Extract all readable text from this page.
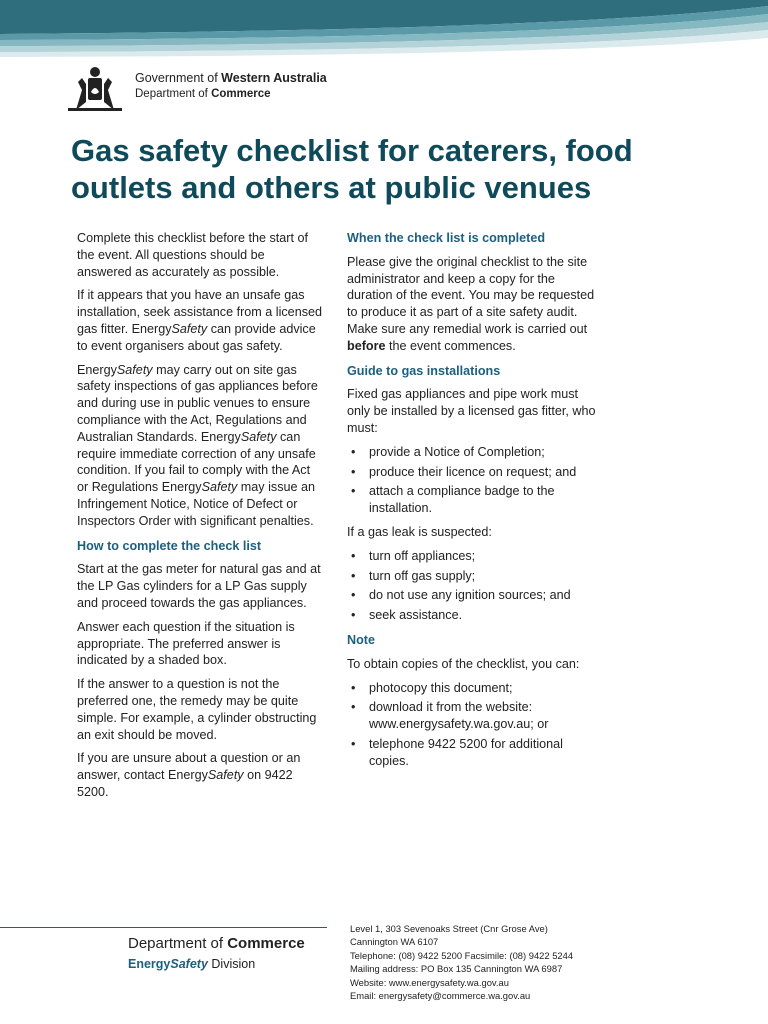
Government of Western Australia
Department of Commerce
Gas safety checklist for caterers, food outlets and others at public venues

Complete this checklist before the start of the event. All questions should be answered as accurately as possible.

If it appears that you have an unsafe gas installation, seek assistance from a licensed gas fitter. EnergySafety can provide advice to event organisers about gas safety.

EnergySafety may carry out on site gas safety inspections of gas appliances before and during use in public venues to ensure compliance with the Act, Regulations and Australian Standards. EnergySafety can require immediate correction of any unsafe condition. If you fail to comply with the Act or Regulations EnergySafety may issue an Infringement Notice, Notice of Defect or Inspectors Order with significant penalties.

How to complete the check list

Start at the gas meter for natural gas and at the LP Gas cylinders for a LP Gas supply and proceed towards the gas appliances.

Answer each question if the situation is appropriate. The preferred answer is indicated by a shaded box.

If the answer to a question is not the preferred one, the remedy may be quite simple. For example, a cylinder obstructing an exit should be moved.

If you are unsure about a question or an answer, contact EnergySafety on 9422 5200.

When the check list is completed

Please give the original checklist to the site administrator and keep a copy for the duration of the event. You may be requested to produce it as part of a site safety audit. Make sure any remedial work is carried out before the event commences.

Guide to gas installations

Fixed gas appliances and pipe work must only be installed by a licensed gas fitter, who must:

• provide a Notice of Completion;
• produce their licence on request; and
• attach a compliance badge to the installation.

If a gas leak is suspected:

• turn off appliances;
• turn off gas supply;
• do not use any ignition sources; and
• seek assistance.
Note

To obtain copies of the checklist, you can:

• photocopy this document;
• download it from the website: www.energysafety.wa.gov.au; or
• telephone 9422 5200 for additional copies.
Department of Commerce
EnergySafety Division
Level 1, 303 Sevenoaks Street (Cnr Grose Ave)
Cannington WA 6107
Telephone: (08) 9422 5200 Facsimile: (08) 9422 5244
Mailing address: PO Box 135 Cannington WA 6987
Website: www.energysafety.wa.gov.au
Email: energysafety@commerce.wa.gov.au
